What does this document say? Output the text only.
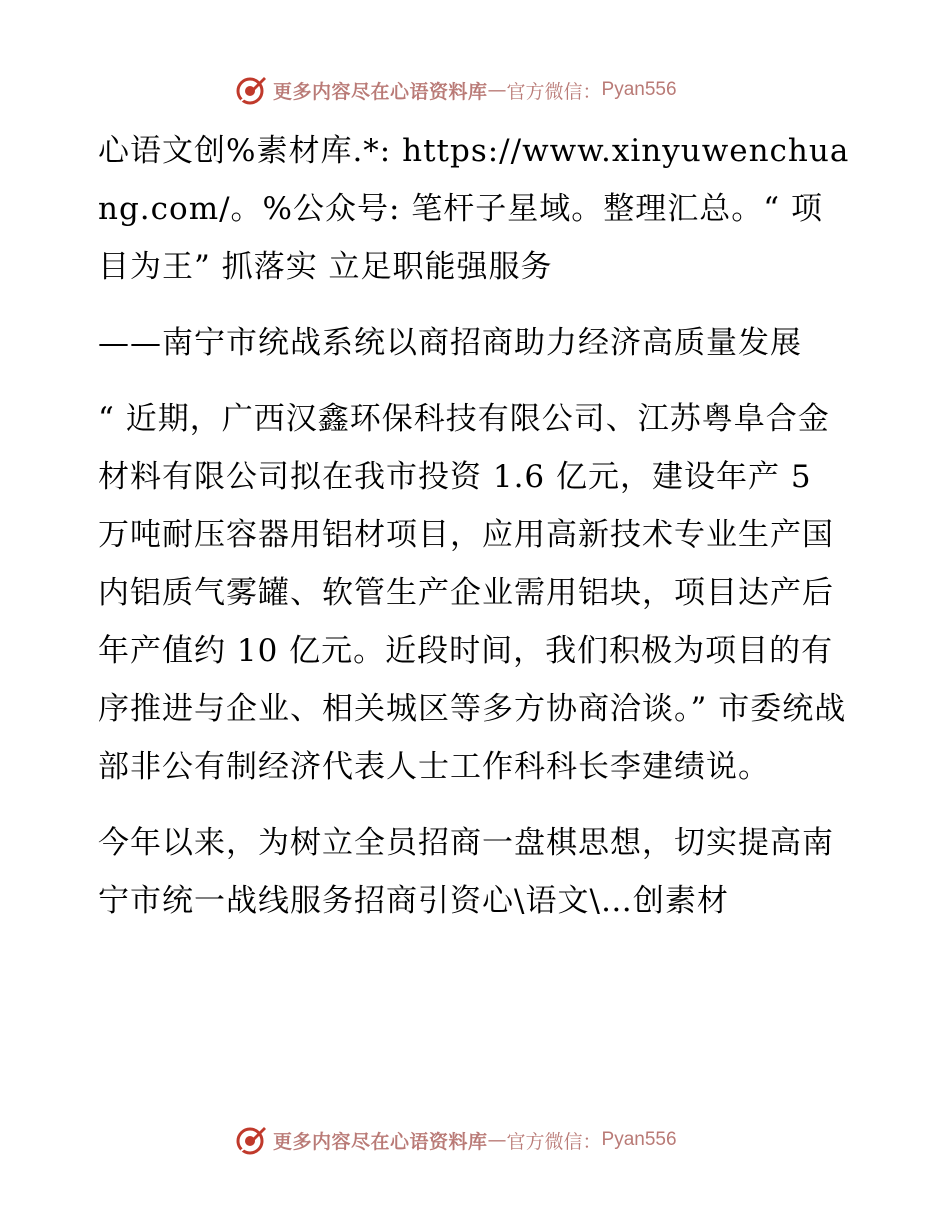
更多内容尽在心语资料库 — 官方微信： Pyan556

心语文创%素材库.*: https://www.xinyuwenchuang.com/。%公众号: 笔杆子星域。整理汇总。“ 项目为王” 抓落实 立足职能强服务

——南宁市统战系统以商招商助力经济高质量发展

“ 近期，广西汉鑫环保科技有限公司、江苏粤阜合金材料有限公司拟在我市投资 1.6 亿元，建设年产 5 万吨耐压容器用铝材项目，应用高新技术专业生产国内铝质气雾罐、软管生产企业需用铝块，项目达产后年产值约 10 亿元。近段时间，我们积极为项目的有序推进与企业、相关城区等多方协商洽谈。” 市委统战部非公有制经济代表人士工作科科长李建绩说。

今年以来，为树立全员招商一盘棋思想，切实提高南宁市统一战线服务招商引资心\语文\…创素材

更多内容尽在心语资料库 — 官方微信： Pyan556
